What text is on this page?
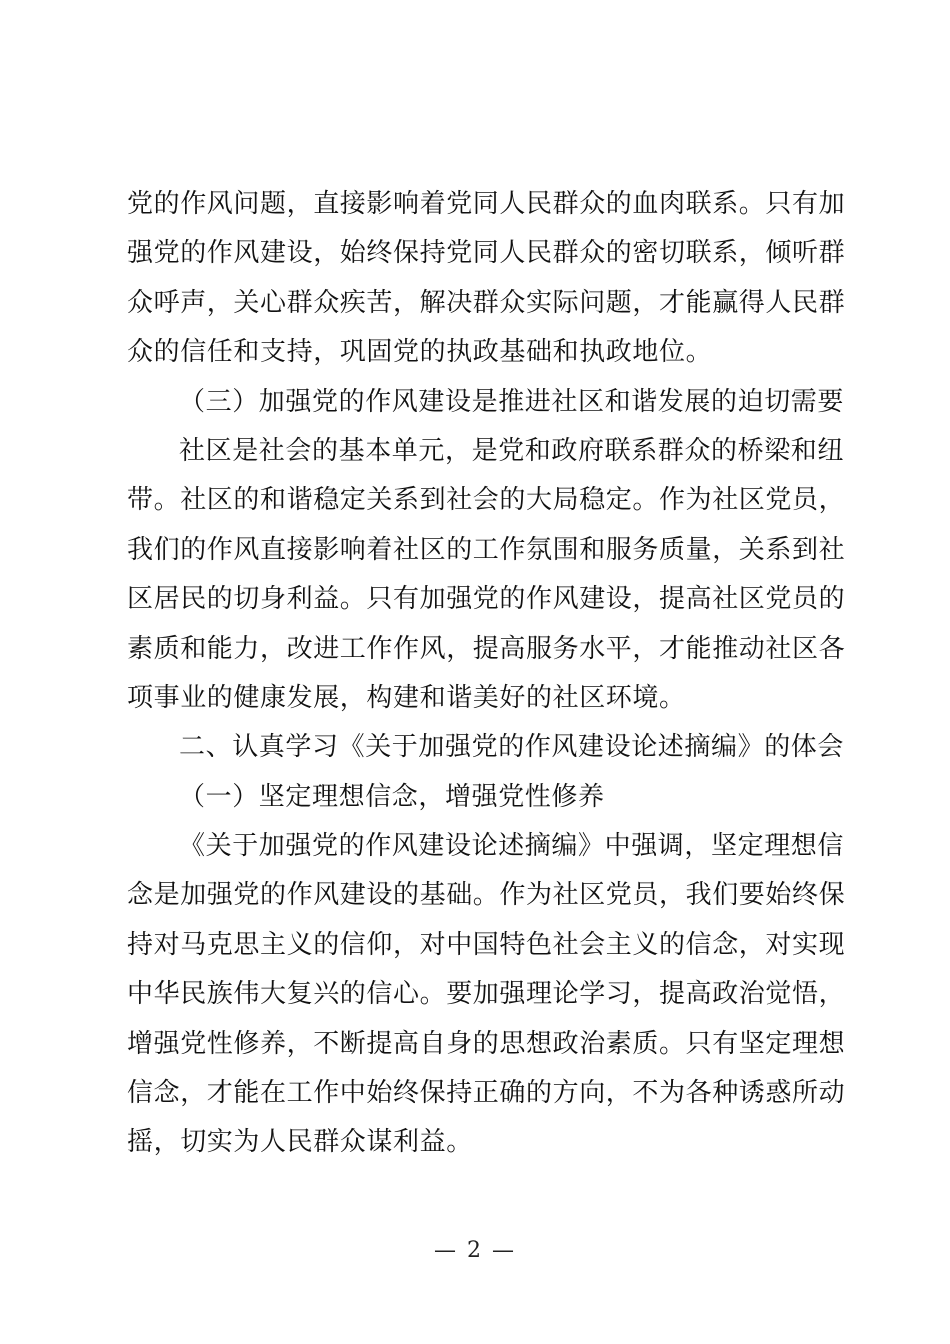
党的作风问题，直接影响着党同人民群众的血肉联系。只有加
强党的作风建设，始终保持党同人民群众的密切联系，倾听群
众呼声，关心群众疾苦，解决群众实际问题，才能赢得人民群
众的信任和支持，巩固党的执政基础和执政地位。
（三）加强党的作风建设是推进社区和谐发展的迫切需要
社区是社会的基本单元，是党和政府联系群众的桥梁和纽
带。社区的和谐稳定关系到社会的大局稳定。作为社区党员，
我们的作风直接影响着社区的工作氛围和服务质量，关系到社
区居民的切身利益。只有加强党的作风建设，提高社区党员的
素质和能力，改进工作作风，提高服务水平，才能推动社区各
项事业的健康发展，构建和谐美好的社区环境。
二、认真学习《关于加强党的作风建设论述摘编》的体会
（一）坚定理想信念，增强党性修养
《关于加强党的作风建设论述摘编》中强调，坚定理想信
念是加强党的作风建设的基础。作为社区党员，我们要始终保
持对马克思主义的信仰，对中国特色社会主义的信念，对实现
中华民族伟大复兴的信心。要加强理论学习，提高政治觉悟，
增强党性修养，不断提高自身的思想政治素质。只有坚定理想
信念，才能在工作中始终保持正确的方向，不为各种诱惑所动
摇，切实为人民群众谋利益。
— 2 —
